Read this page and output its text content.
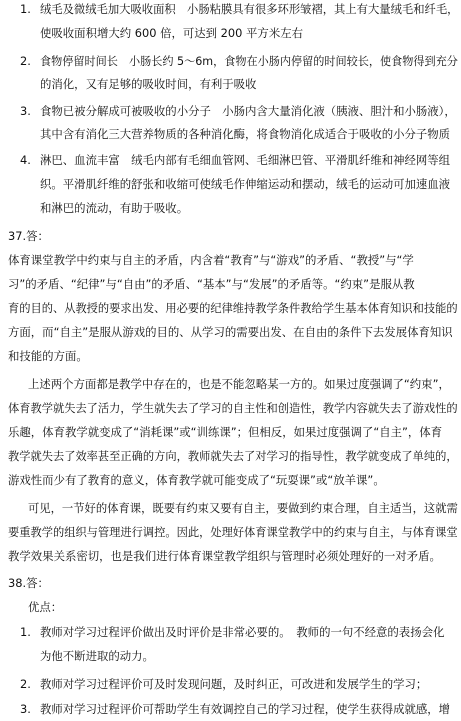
1. 绒毛及微绒毛加大吸收面积　小肠粘膜具有很多环形皱褶，其上有大量绒毛和纤毛，
使吸收面积增大约 600 倍，可达到 200 平方米左右
2. 食物停留时间长　小肠长约 5～6m，食物在小肠内停留的时间较长，使食物得到充分
的消化，又有足够的吸收时间，有利于吸收
3. 食物已被分解成可被吸收的小分子　小肠内含大量消化液（胰液、胆汁和小肠液），
其中含有消化三大营养物质的各种消化酶，将食物消化成适合于吸收的小分子物质
4. 淋巴、血流丰富　绒毛内部有毛细血管网、毛细淋巴管、平滑肌纤维和神经网等组
织。平滑肌纤维的舒张和收缩可使绒毛作伸缩运动和摆动，绒毛的运动可加速血液
和淋巴的流动，有助于吸收。
37.答：
体育课堂教学中约束与自主的矛盾，内含着“教育”与“游戏”的矛盾、“教授”与“学
习”的矛盾、“纪律”与“自由”的矛盾、“基本”与“发展”的矛盾等。“约束”是服从教
育的目的、从教授的要求出发、用必要的纪律维持教学条件教给学生基本体育知识和技能的
方面，而“自主”是服从游戏的目的、从学习的需要出发、在自由的条件下去发展体育知识
和技能的方面。
上述两个方面都是教学中存在的，也是不能忽略某一方的。如果过度强调了“约束”，
体育教学就失去了活力，学生就失去了学习的自主性和创造性，教学内容就失去了游戏性的
乐趣，体育教学就变成了“消耗课”或“训练课”；但相反，如果过度强调了“自主”，体育
教学就失去了效率甚至正确的方向，教师就失去了对学习的指导性，教学就变成了单纯的，
游戏性而少有了教育的意义，体育教学就可能变成了“玩耍课”或“放羊课”。
可见，一节好的体育课，既要有约束又要有自主，要做到约束合理，自主适当，这就需
要重教学的组织与管理进行调控。因此，处理好体育课堂教学中的约束与自主，与体育课堂
教学效果关系密切，也是我们进行体育课堂教学组织与管理时必须处理好的一对矛盾。
38.答：
优点：
1. 教师对学习过程评价做出及时评价是非常必要的。　教师的一句不经意的表扬会化
为他不断进取的动力。
2. 教师对学习过程评价可及时发现问题，及时纠正，可改进和发展学生的学习；
3. 教师对学习过程评价可帮助学生有效调控自己的学习过程，使学生获得成就感，增
